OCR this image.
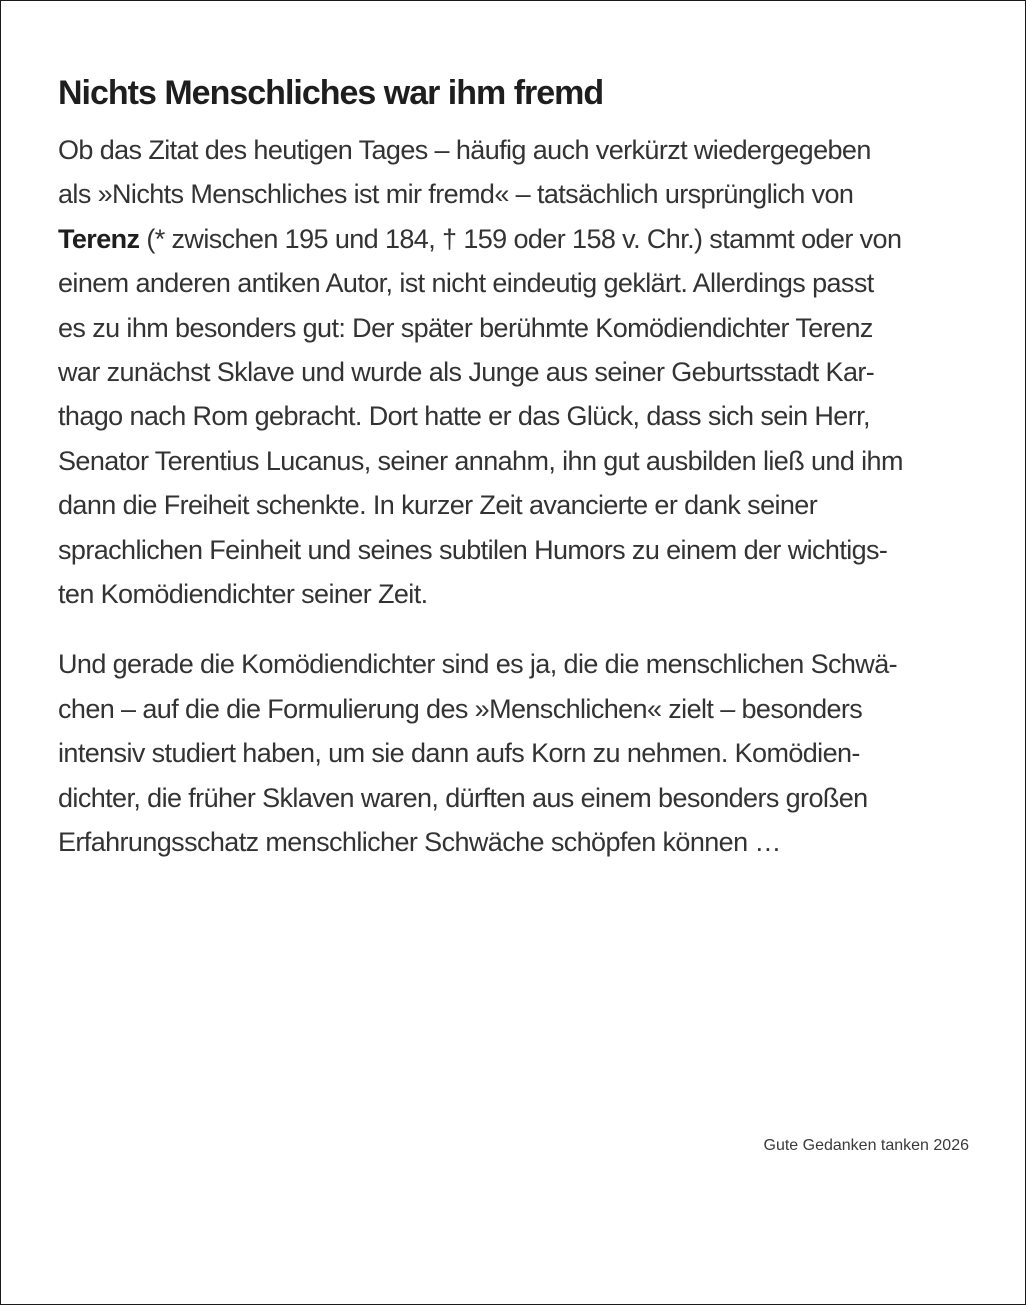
Nichts Menschliches war ihm fremd

Ob das Zitat des heutigen Tages – häufig auch verkürzt wiedergegeben
als »Nichts Menschliches ist mir fremd« – tatsächlich ursprünglich von
Terenz (* zwischen 195 und 184, † 159 oder 158 v. Chr.) stammt oder von
einem anderen antiken Autor, ist nicht eindeutig geklärt. Allerdings passt
es zu ihm besonders gut: Der später berühmte Komödiendichter Terenz
war zunächst Sklave und wurde als Junge aus seiner Geburtsstadt Kar-
thago nach Rom gebracht. Dort hatte er das Glück, dass sich sein Herr,
Senator Terentius Lucanus, seiner annahm, ihn gut ausbilden ließ und ihm
dann die Freiheit schenkte. In kurzer Zeit avancierte er dank seiner
sprachlichen Feinheit und seines subtilen Humors zu einem der wichtigs-
ten Komödiendichter seiner Zeit.

Und gerade die Komödiendichter sind es ja, die die menschlichen Schwä-
chen – auf die die Formulierung des »Menschlichen« zielt – besonders
intensiv studiert haben, um sie dann aufs Korn zu nehmen. Komödien-
dichter, die früher Sklaven waren, dürften aus einem besonders großen
Erfahrungsschatz menschlicher Schwäche schöpfen können …

Gute Gedanken tanken 2026
